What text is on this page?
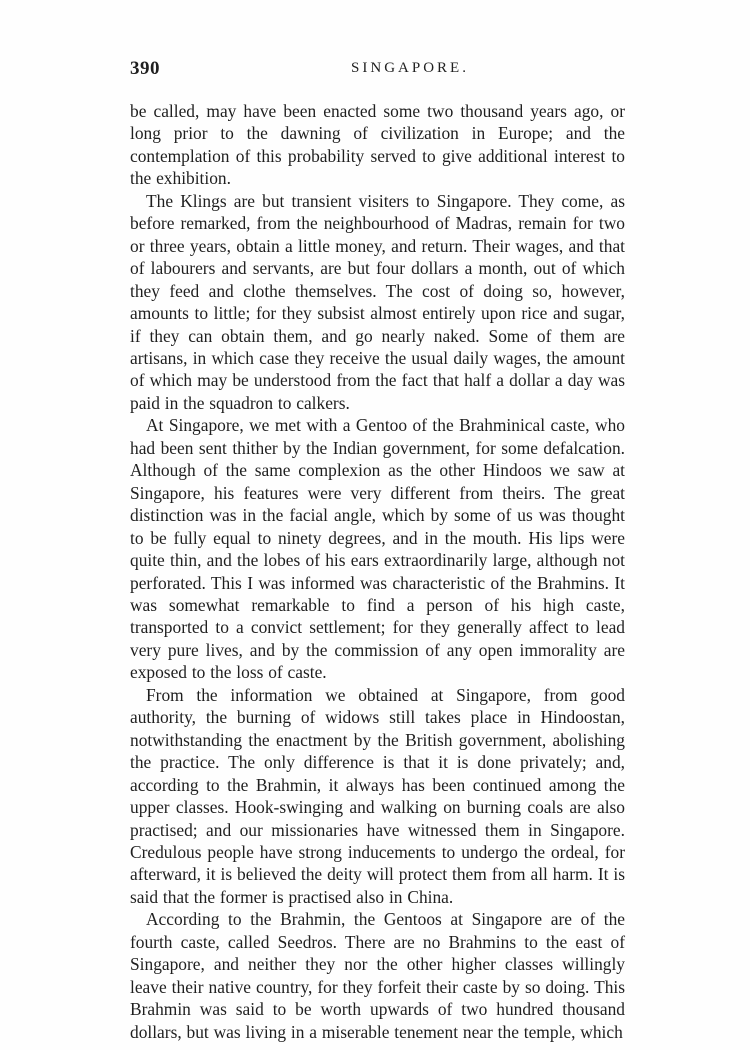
390	SINGAPORE.

be called, may have been enacted some two thousand years ago, or long prior to the dawning of civilization in Europe; and the contemplation of this probability served to give additional interest to the exhibition.

The Klings are but transient visiters to Singapore. They come, as before remarked, from the neighbourhood of Madras, remain for two or three years, obtain a little money, and return. Their wages, and that of labourers and servants, are but four dollars a month, out of which they feed and clothe themselves. The cost of doing so, however, amounts to little; for they subsist almost entirely upon rice and sugar, if they can obtain them, and go nearly naked. Some of them are artisans, in which case they receive the usual daily wages, the amount of which may be understood from the fact that half a dollar a day was paid in the squadron to calkers.

At Singapore, we met with a Gentoo of the Brahminical caste, who had been sent thither by the Indian government, for some defalcation. Although of the same complexion as the other Hindoos we saw at Singapore, his features were very different from theirs. The great distinction was in the facial angle, which by some of us was thought to be fully equal to ninety degrees, and in the mouth. His lips were quite thin, and the lobes of his ears extraordinarily large, although not perforated. This I was informed was characteristic of the Brahmins. It was somewhat remarkable to find a person of his high caste, transported to a convict settlement; for they generally affect to lead very pure lives, and by the commission of any open immorality are exposed to the loss of caste.

From the information we obtained at Singapore, from good authority, the burning of widows still takes place in Hindoostan, notwithstanding the enactment by the British government, abolishing the practice. The only difference is that it is done privately; and, according to the Brahmin, it always has been continued among the upper classes. Hook-swinging and walking on burning coals are also practised; and our missionaries have witnessed them in Singapore. Credulous people have strong inducements to undergo the ordeal, for afterward, it is believed the deity will protect them from all harm. It is said that the former is practised also in China.

According to the Brahmin, the Gentoos at Singapore are of the fourth caste, called Seedros. There are no Brahmins to the east of Singapore, and neither they nor the other higher classes willingly leave their native country, for they forfeit their caste by so doing. This Brahmin was said to be worth upwards of two hundred thousand dollars, but was living in a miserable tenement near the temple, which
